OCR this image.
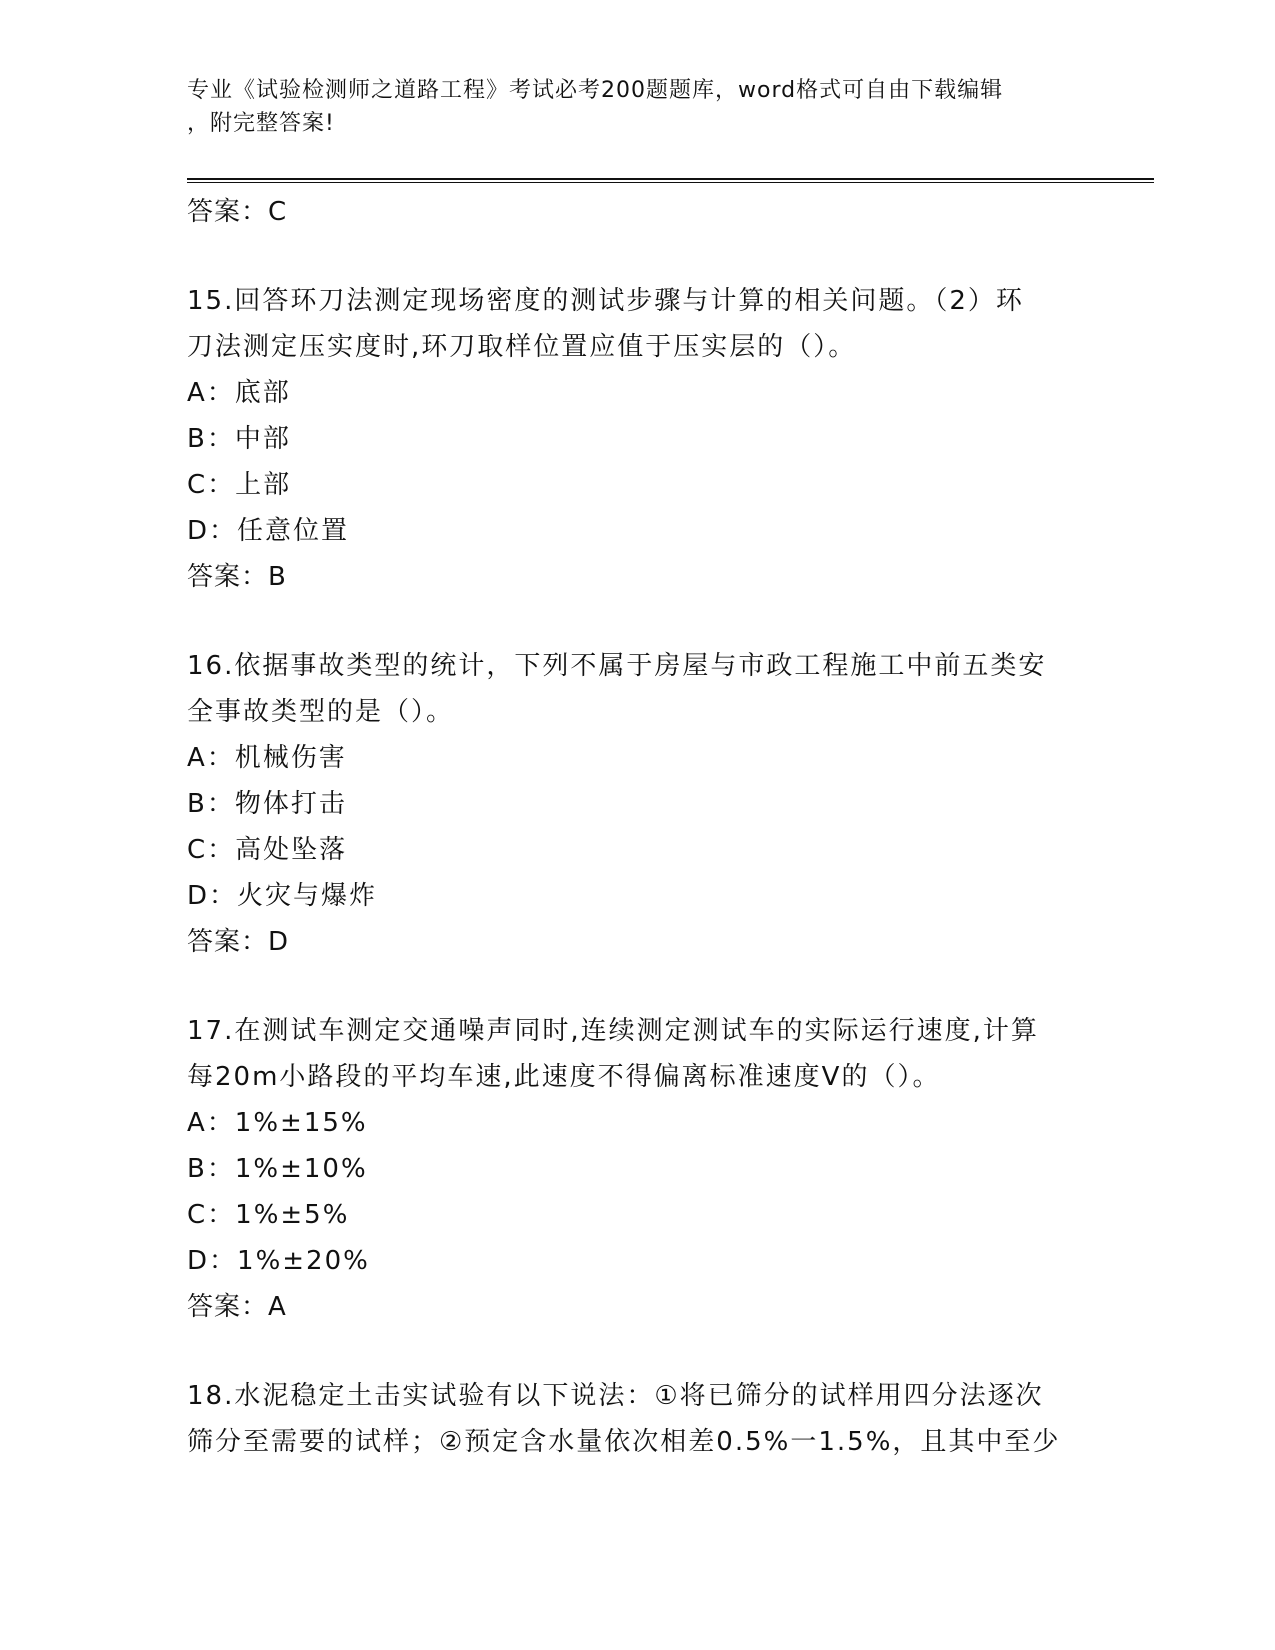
专业《试验检测师之道路工程》考试必考200题题库，word格式可自由下载编辑
，附完整答案!
答案：C
15.回答环刀法测定现场密度的测试步骤与计算的相关问题。（2）环
刀法测定压实度时,环刀取样位置应值于压实层的（）。
A：底部
B：中部
C：上部
D：任意位置
答案：B
16.依据事故类型的统计，下列不属于房屋与市政工程施工中前五类安
全事故类型的是（）。
A：机械伤害
B：物体打击
C：高处坠落
D：火灾与爆炸
答案：D
17.在测试车测定交通噪声同时,连续测定测试车的实际运行速度,计算
每20m小路段的平均车速,此速度不得偏离标准速度V的（）。
A：1%±15%
B：1%±10%
C：1%±5%
D：1%±20%
答案：A
18.水泥稳定土击实试验有以下说法：①将已筛分的试样用四分法逐次
筛分至需要的试样；②预定含水量依次相差0.5%一1.5%，且其中至少
